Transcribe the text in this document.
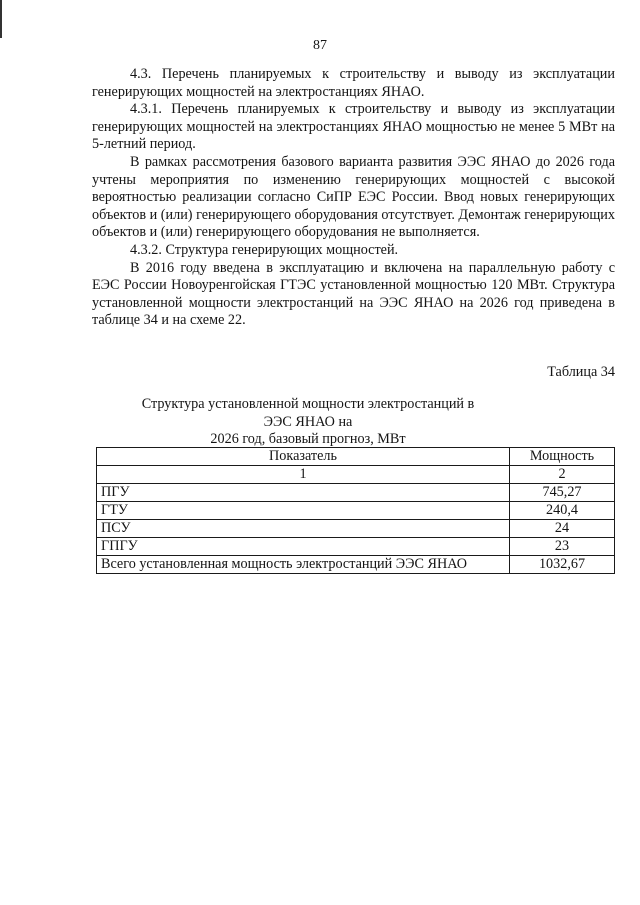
87

4.3. Перечень планируемых к строительству и выводу из эксплуатации генерирующих мощностей на электростанциях ЯНАО.

4.3.1. Перечень планируемых к строительству и выводу из эксплуатации генерирующих мощностей на электростанциях ЯНАО мощностью не менее 5 МВт на 5-летний период.

В рамках рассмотрения базового варианта развития ЭЭС ЯНАО до 2026 года учтены мероприятия по изменению генерирующих мощностей с высокой вероятностью реализации согласно СиПР ЕЭС России. Ввод новых генерирующих объектов и (или) генерирующего оборудования отсутствует. Демонтаж генерирующих объектов и (или) генерирующего оборудования не выполняется.

4.3.2. Структура генерирующих мощностей.

В 2016 году введена в эксплуатацию и включена на параллельную работу с ЕЭС России Новоуренгойская ГТЭС установленной мощностью 120 МВт. Структура установленной мощности электростанций на ЭЭС ЯНАО на 2026 год приведена в таблице 34 и на схеме 22.

Таблица 34
Структура установленной мощности электростанций в ЭЭС ЯНАО на
2026 год, базовый прогноз, МВт
Показатель	Мощность
1	2
ПГУ	745,27
ГТУ	240,4
ПСУ	24
ГПГУ	23
Всего установленная мощность электростанций ЭЭС ЯНАО	1032,67
